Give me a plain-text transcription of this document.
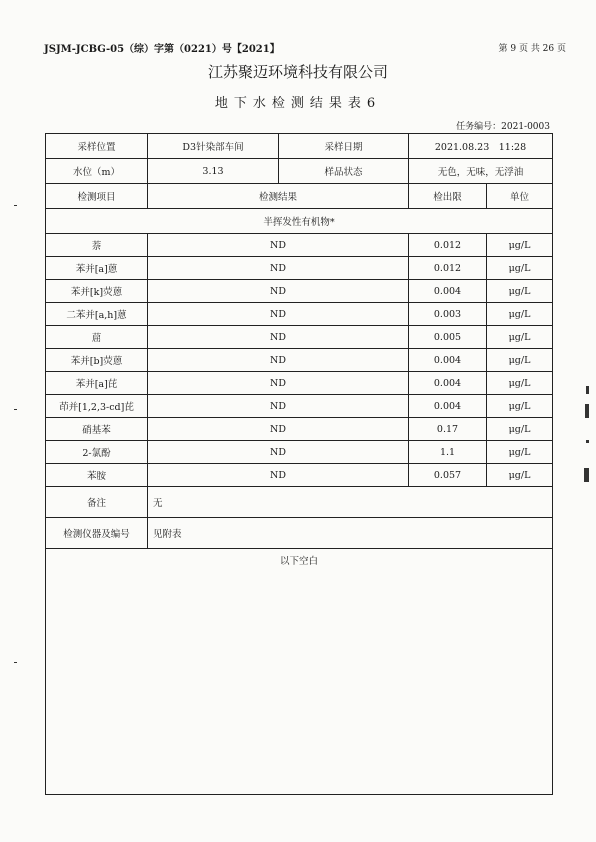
JSJM-JCBG-05（综）字第（0221）号【2021】	第 9 页 共 26 页
江苏聚迈环境科技有限公司
地下水检测结果表6
任务编号：2021-0003
采样位置	D3针染部车间	采样日期	2021.08.23　11:28	
水位（m）	3.13	样品状态	无色，无味，无浮油	
检测项目	检测结果		检出限	单位
半挥发性有机物*				
萘	ND		0.012	μg/L
苯并[a]蒽	ND		0.012	μg/L
苯并[k]荧蒽	ND		0.004	μg/L
二苯并[a,h]蒽	ND		0.003	μg/L
䓛	ND		0.005	μg/L
苯并[b]荧蒽	ND		0.004	μg/L
苯并[a]芘	ND		0.004	μg/L
茚并[1,2,3-cd]芘	ND		0.004	μg/L
硝基苯	ND		0.17	μg/L
2-氯酚	ND		1.1	μg/L
苯胺	ND		0.057	μg/L
备注	无			
检测仪器及编号	见附表			
以下空白				
